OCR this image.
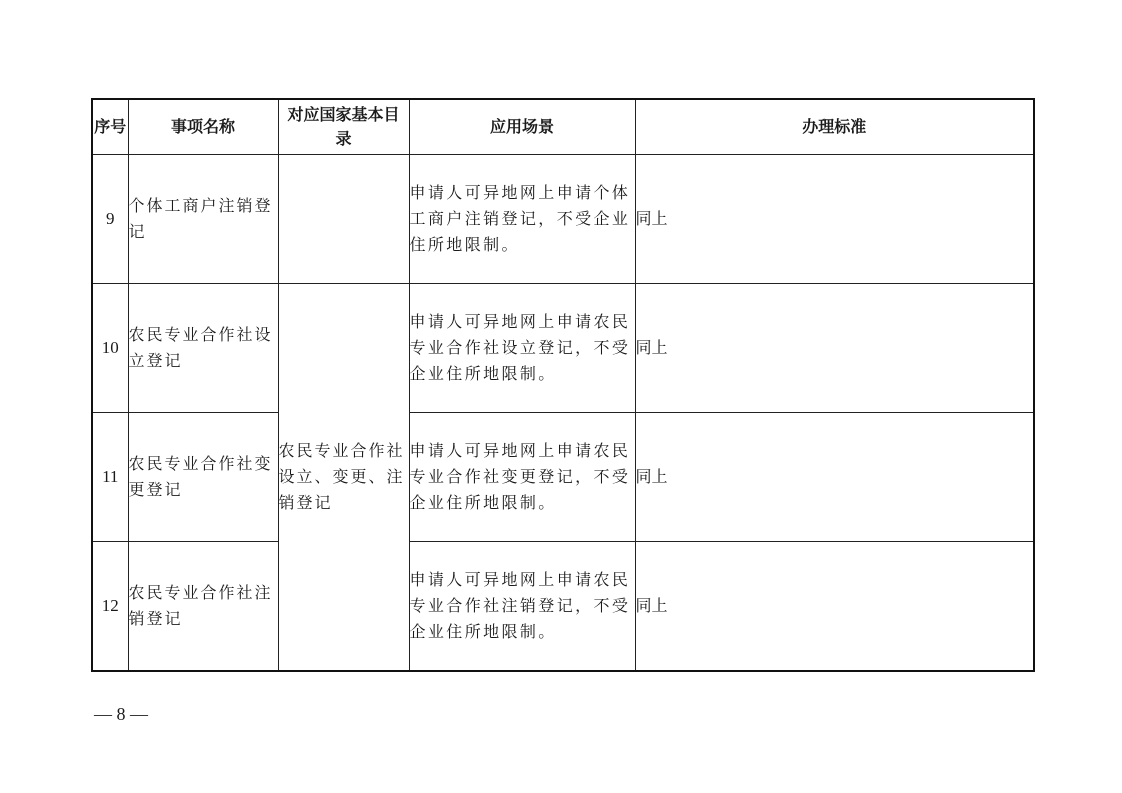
序号	事项名称	对应国家基本目录	应用场景	办理标准
9	个体工商户注销登记		申请人可异地网上申请个体工商户注销登记，不受企业住所地限制。	同上
10	农民专业合作社设立登记	农民专业合作社设立、变更、注销登记	申请人可异地网上申请农民专业合作社设立登记，不受企业住所地限制。	同上
11	农民专业合作社变更登记		申请人可异地网上申请农民专业合作社变更登记，不受企业住所地限制。	同上
12	农民专业合作社注销登记		申请人可异地网上申请农民专业合作社注销登记，不受企业住所地限制。	同上
— 8 —
